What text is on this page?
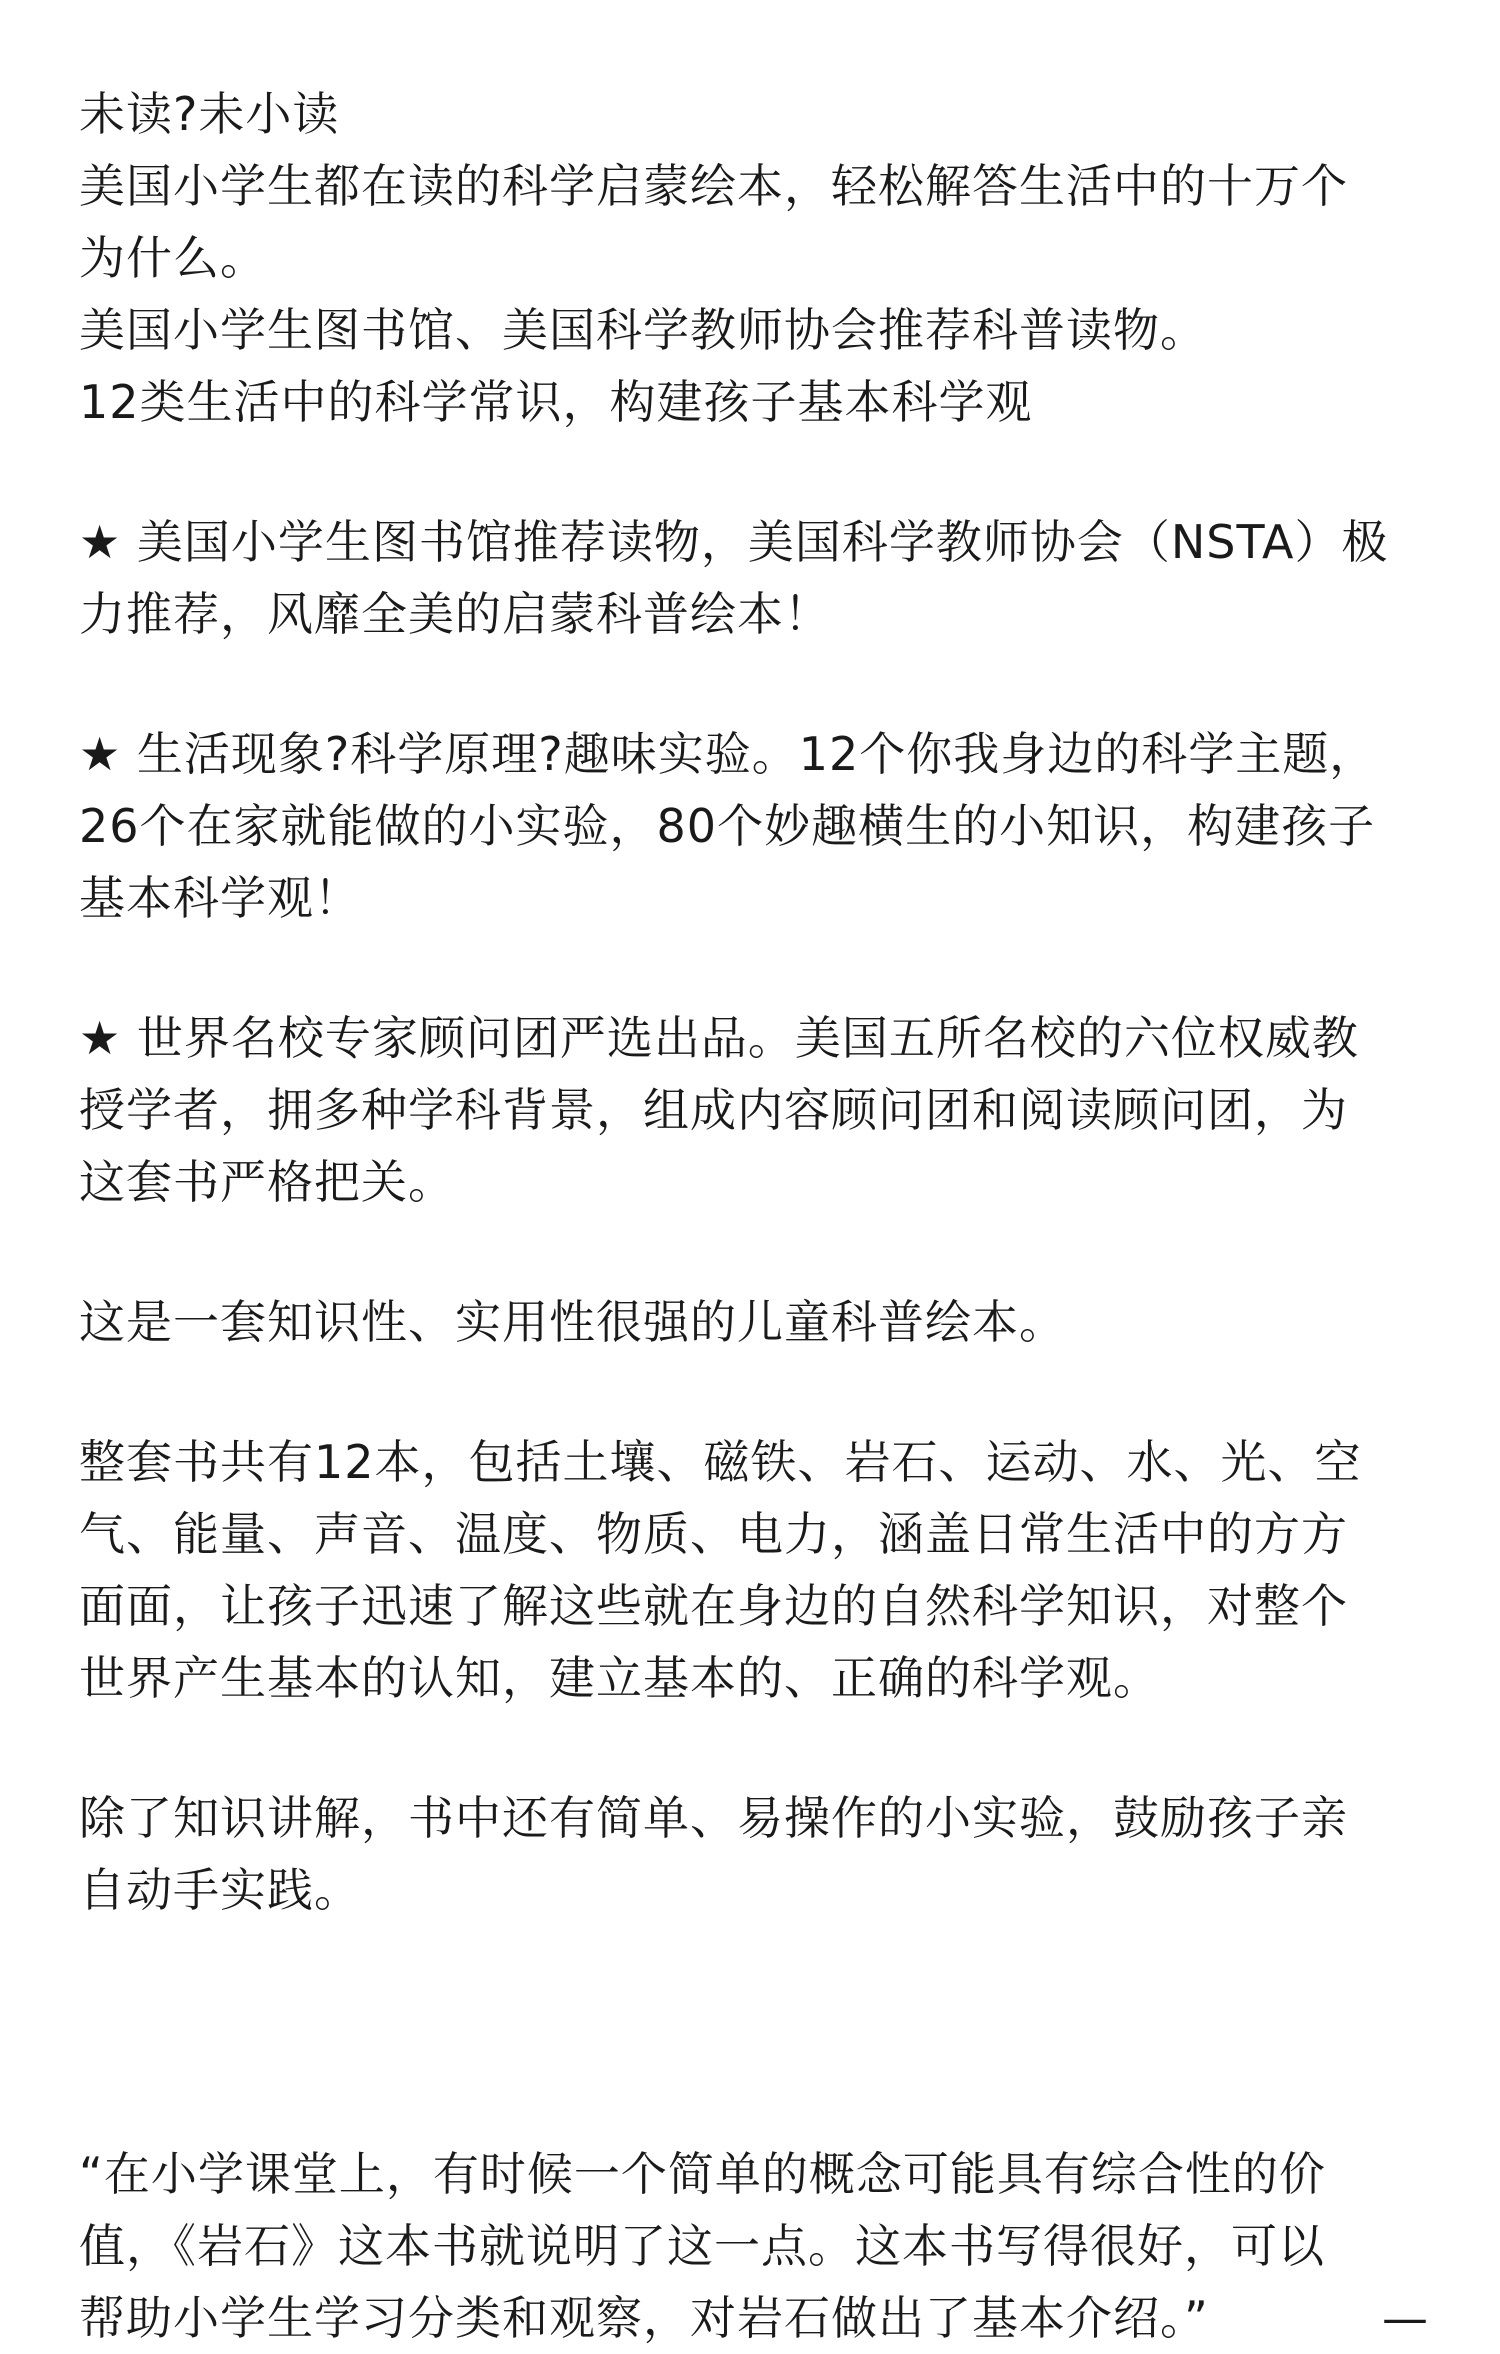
未读?未小读
美国小学生都在读的科学启蒙绘本，轻松解答生活中的十万个
为什么。
美国小学生图书馆、美国科学教师协会推荐科普读物。
12类生活中的科学常识，构建孩子基本科学观
★ 美国小学生图书馆推荐读物，美国科学教师协会（NSTA）极
力推荐，风靡全美的启蒙科普绘本！
★ 生活现象?科学原理?趣味实验。12个你我身边的科学主题，
26个在家就能做的小实验，80个妙趣横生的小知识，构建孩子
基本科学观！
★ 世界名校专家顾问团严选出品。美国五所名校的六位权威教
授学者，拥多种学科背景，组成内容顾问团和阅读顾问团，为
这套书严格把关。
这是一套知识性、实用性很强的儿童科普绘本。
整套书共有12本，包括土壤、磁铁、岩石、运动、水、光、空
气、能量、声音、温度、物质、电力，涵盖日常生活中的方方
面面，让孩子迅速了解这些就在身边的自然科学知识，对整个
世界产生基本的认知，建立基本的、正确的科学观。
除了知识讲解，书中还有简单、易操作的小实验，鼓励孩子亲
自动手实践。
“在小学课堂上，有时候一个简单的概念可能具有综合性的价
值，《岩石》这本书就说明了这一点。这本书写得很好，可以
帮助小学生学习分类和观察，对岩石做出了基本介绍。”	—
